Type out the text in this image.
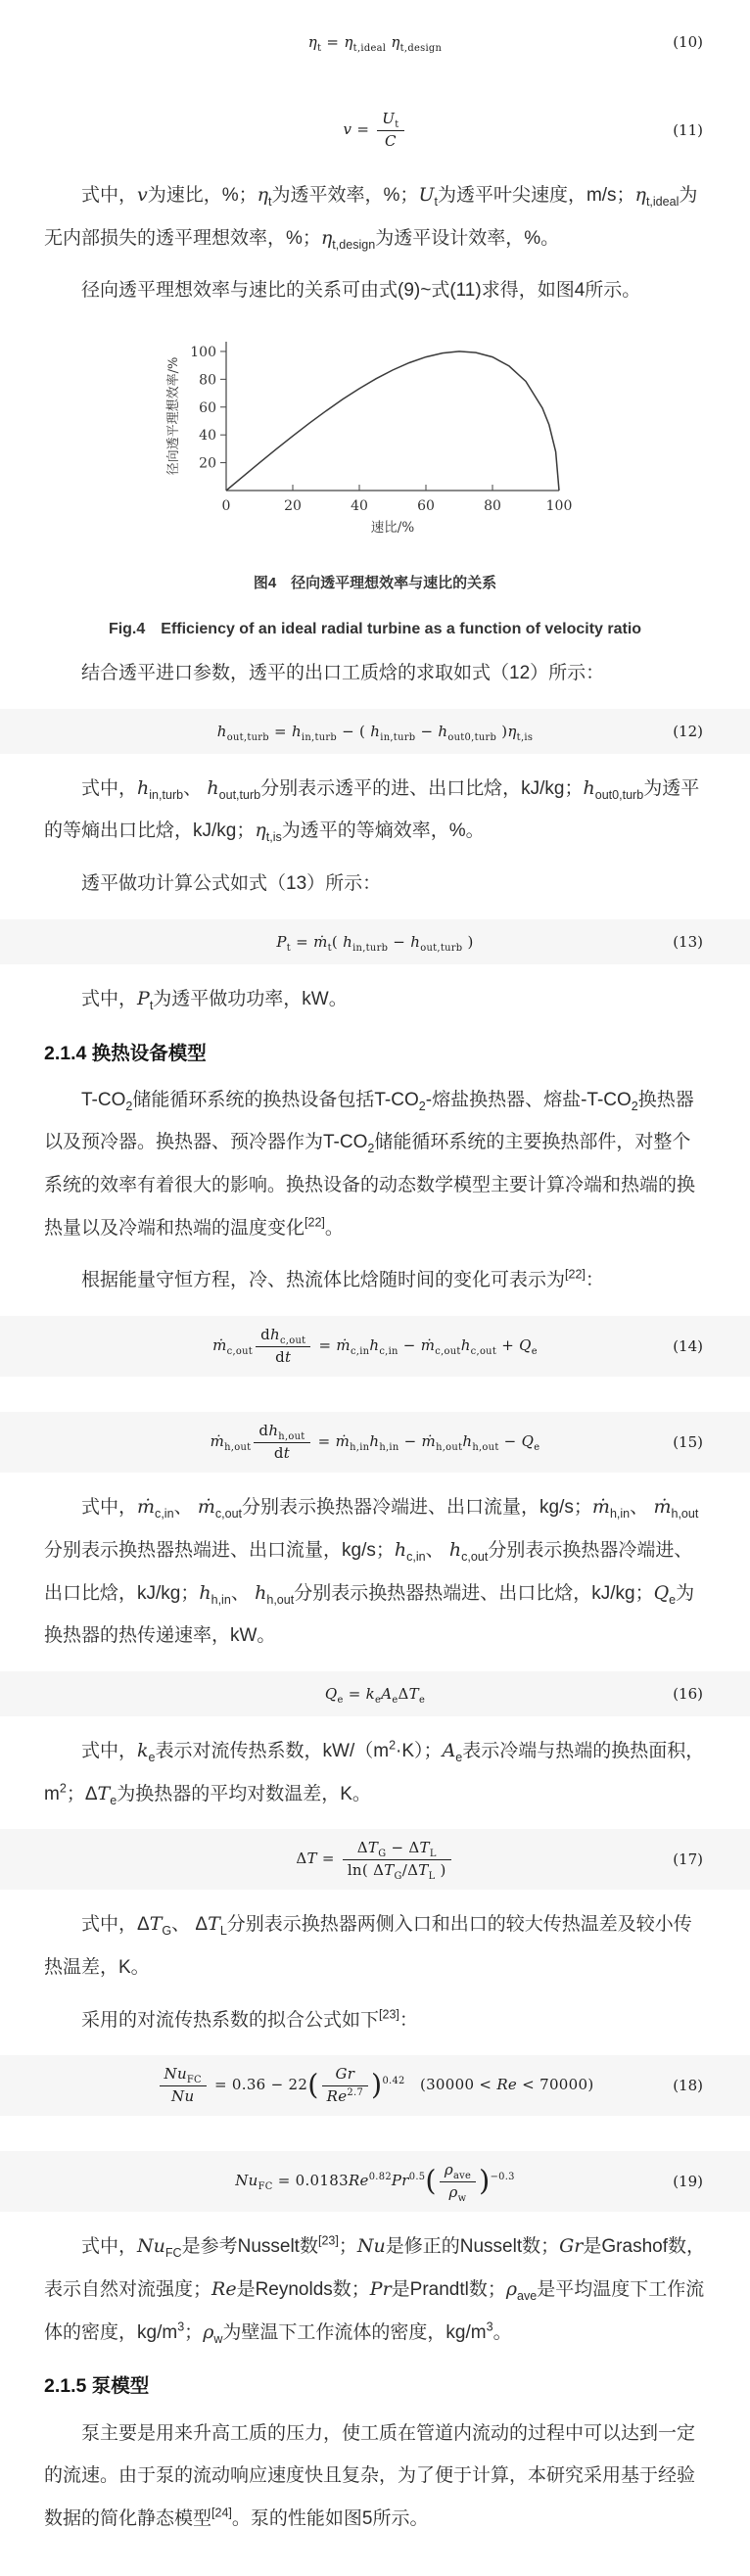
$\eta_t = \eta_{t,ideal}$ $\eta_{t,design}$	(10)
$v = \frac{U_t}{C}$	(11)

式中，v为速比，%；$\eta_t$为透平效率，%；$U_t$为透平叶尖速度，m/s；$\eta_{t,ideal}$为无内部损失的透平理想效率，%；$\eta_{t,design}$为透平设计效率，%。

径向透平理想效率与速比的关系可由式(9)~式(11)求得，如图4所示。

0	20	40	60	80	100
20
40
60
80
100
速比/%
径向透平理想效率/%
图4　径向透平理想效率与速比的关系
Fig.4　Efficiency of an ideal radial turbine as a function of velocity ratio

结合透平进口参数，透平的出口工质焓的求取如式（12）所示：

$h_{out,turb} = h_{in,turb}$ − ( $h_{in,turb} - h_{out0,turb}$ )$\eta_{t,is}$	(12)

式中，$h_{in,turb}$、 $h_{out,turb}$分别表示透平的进、出口比焓，kJ/kg；$h_{out0,turb}$为透平的等熵出口比焓，kJ/kg；$\eta_{t,is}$为透平的等熵效率，%。

透平做功计算公式如式（13）所示：

$P_t$ = ṁ$_t$( $h_{in,turb} - h_{out,turb}$ )	(13)

式中，$P_t$为透平做功功率，kW。

2.1.4 换热设备模型

$T-CO_2$储能循环系统的换热设备包括$T-CO_2-$熔盐换热器、熔盐$-T-CO_2$换热器以及预冷器。换热器、预冷器作为$T-CO_2$储能循环系统的主要换热部件，对整个系统的效率有着很大的影响。换热设备的动态数学模型主要计算冷端和热端的换热量以及冷端和热端的温度变化[22]。

根据能量守恒方程，冷、热流体比焓随时间的变化可表示为[22]：

ṁ$_{c,out}$ $\frac{dh_{c,out}}{dt}$ = $ṁ_{c,in}h_{c,in}$ − $ṁ_{c,out}h_{c,out} + Q_e$	(14)
ṁ$_{h,out}$ $\frac{dh_{h,out}}{dt}$ = $ṁ_{h,in}h_{h,in}$ − $ṁ_{h,out}h_{h,out} - Q_e$	(15)

式中，ṁ$_{c,in}$、 ṁ$_{c,out}$分别表示换热器冷端进、出口流量，kg/s；ṁ$_{h,in}$、 ṁ$_{h,out}$分别表示换热器热端进、出口流量，kg/s；$h_{c,in}$、 $h_{c,out}$分别表示换热器冷端进、出口比焓，kJ/kg；$h_{h,in}$、 $h_{h,out}$分别表示换热器热端进、出口比焓，kJ/kg；$Q_e$为换热器的热传递速率，kW。

$Q_e = k_eA_e\Delta T_e$	(16)

式中，$k_e$表示对流传热系数，$kW/(m^2\cdot K)$；$A_e$表示冷端与热端的换热面积，$m^2$；$\Delta T_e$为换热器的平均对数温差，K。

$\Delta T = \frac{\Delta T_G - \Delta T_L}{\ln( \Delta T_G/\Delta T_L )}$	(17)

式中，$\Delta T_G$、 $\Delta T_L$分别表示换热器两侧入口和出口的较大传热温差及较小传热温差，K。

采用的对流传热系数的拟合公式如下[23]：

$\frac{Nu_{FC}}{Nu} = 0.36 - 22( \frac{Gr}{Re^{2.7}} )^{0.42}$　(30000 < Re < 70000)	(18)
$Nu_{FC} = 0.0183Re^{0.82}Pr^{0.5}( \frac{\rho_{ave}}{\rho_w} )^{-0.3}$	(19)

式中，$Nu_{FC}$是参考Nusselt数[23]；Nu是修正的Nusselt数；Gr是Grashof数，表示自然对流强度；Re是Reynolds数；Pr是Prandtl数；$\rho_{ave}$是平均温度下工作流体的密度，$kg/m^3$；$\rho_w$为壁温下工作流体的密度，$kg/m^3$。

2.1.5 泵模型

泵主要是用来升高工质的压力，使工质在管道内流动的过程中可以达到一定的流速。由于泵的流动响应速度快且复杂，为了便于计算，本研究采用基于经验数据的简化静态模型[24]。泵的性能如图5所示。
